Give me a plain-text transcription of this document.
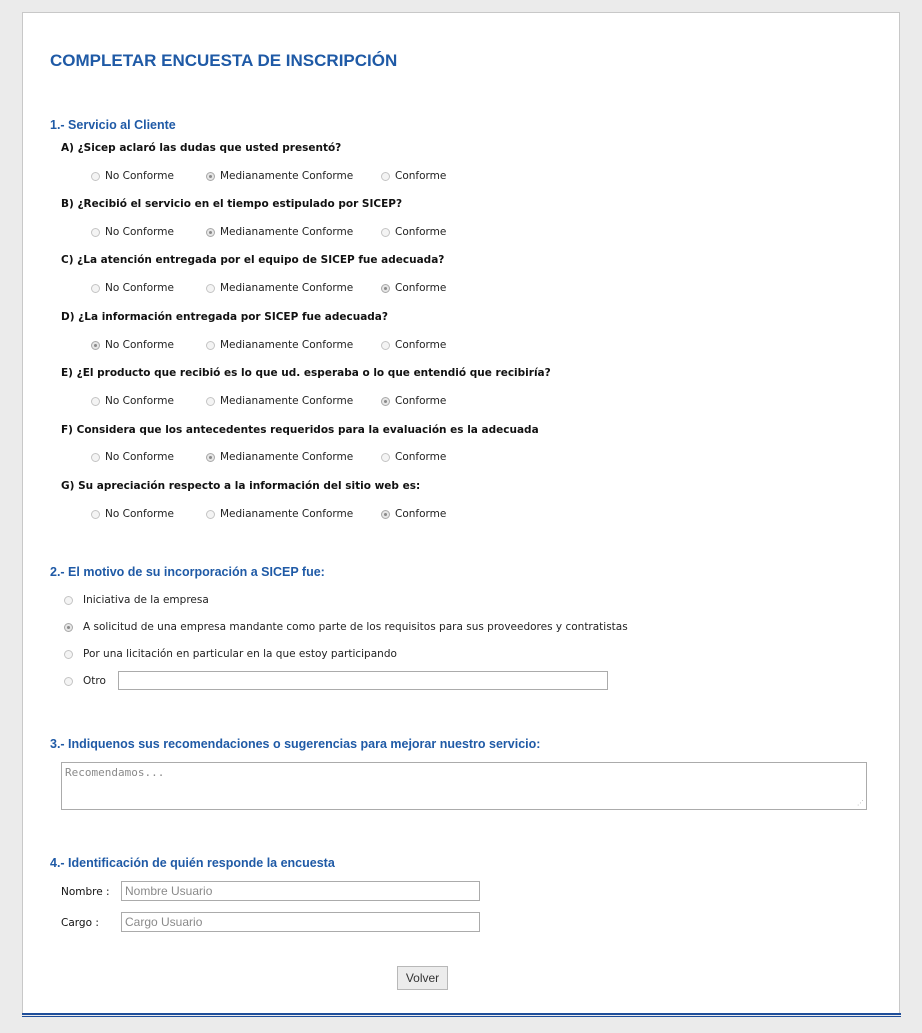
COMPLETAR ENCUESTA DE INSCRIPCIÓN
1.- Servicio al Cliente
A) ¿Sicep aclaró las dudas que usted presentó?
No Conforme	Medianamente Conforme	Conforme
B) ¿Recibió el servicio en el tiempo estipulado por SICEP?
No Conforme	Medianamente Conforme	Conforme
C) ¿La atención entregada por el equipo de SICEP fue adecuada?
No Conforme	Medianamente Conforme	Conforme
D) ¿La información entregada por SICEP fue adecuada?
No Conforme	Medianamente Conforme	Conforme
E) ¿El producto que recibió es lo que ud. esperaba o lo que entendió que recibiría?
No Conforme	Medianamente Conforme	Conforme
F) Considera que los antecedentes requeridos para la evaluación es la adecuada
No Conforme	Medianamente Conforme	Conforme
G) Su apreciación respecto a la información del sitio web es:
No Conforme	Medianamente Conforme	Conforme
2.- El motivo de su incorporación a SICEP fue:
Iniciativa de la empresa
A solicitud de una empresa mandante como parte de los requisitos para sus proveedores y contratistas
Por una licitación en particular en la que estoy participando
Otro
3.- Indiquenos sus recomendaciones o sugerencias para mejorar nuestro servicio:
Recomendamos...
⋰
4.- Identificación de quién responde la encuesta
Nombre :
Nombre Usuario
Cargo :
Cargo Usuario
Volver
